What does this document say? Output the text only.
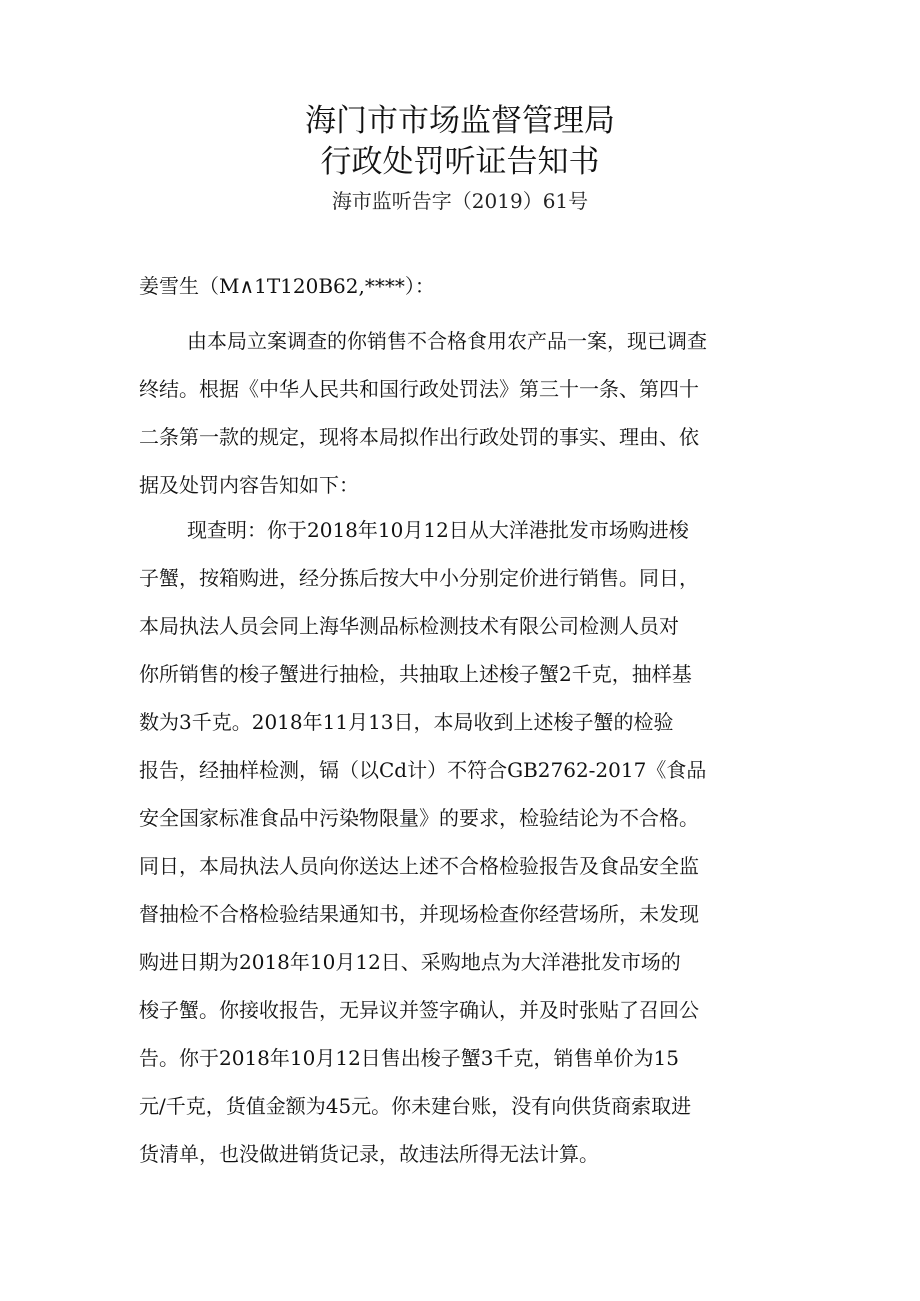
海门市市场监督管理局
行政处罚听证告知书
海市监听告字（2019）61号
姜雪生（M∧1T120B62,****）：
由本局立案调查的你销售不合格食用农产品一案，现已调查
终结。根据《中华人民共和国行政处罚法》第三十一条、第四十
二条第一款的规定，现将本局拟作出行政处罚的事实、理由、依
据及处罚内容告知如下：
现查明：你于2018年10月12日从大洋港批发市场购进梭
子蟹，按箱购进，经分拣后按大中小分别定价进行销售。同日，
本局执法人员会同上海华测品标检测技术有限公司检测人员对
你所销售的梭子蟹进行抽检，共抽取上述梭子蟹2千克，抽样基
数为3千克。2018年11月13日，本局收到上述梭子蟹的检验
报告，经抽样检测，镉（以Cd计）不符合GB2762-2017《食品
安全国家标准食品中污染物限量》的要求，检验结论为不合格。
同日，本局执法人员向你送达上述不合格检验报告及食品安全监
督抽检不合格检验结果通知书，并现场检查你经营场所，未发现
购进日期为2018年10月12日、采购地点为大洋港批发市场的
梭子蟹。你接收报告，无异议并签字确认，并及时张贴了召回公
告。你于2018年10月12日售出梭子蟹3千克，销售单价为15
元/千克，货值金额为45元。你未建台账，没有向供货商索取进
货清单，也没做进销货记录，故违法所得无法计算。
